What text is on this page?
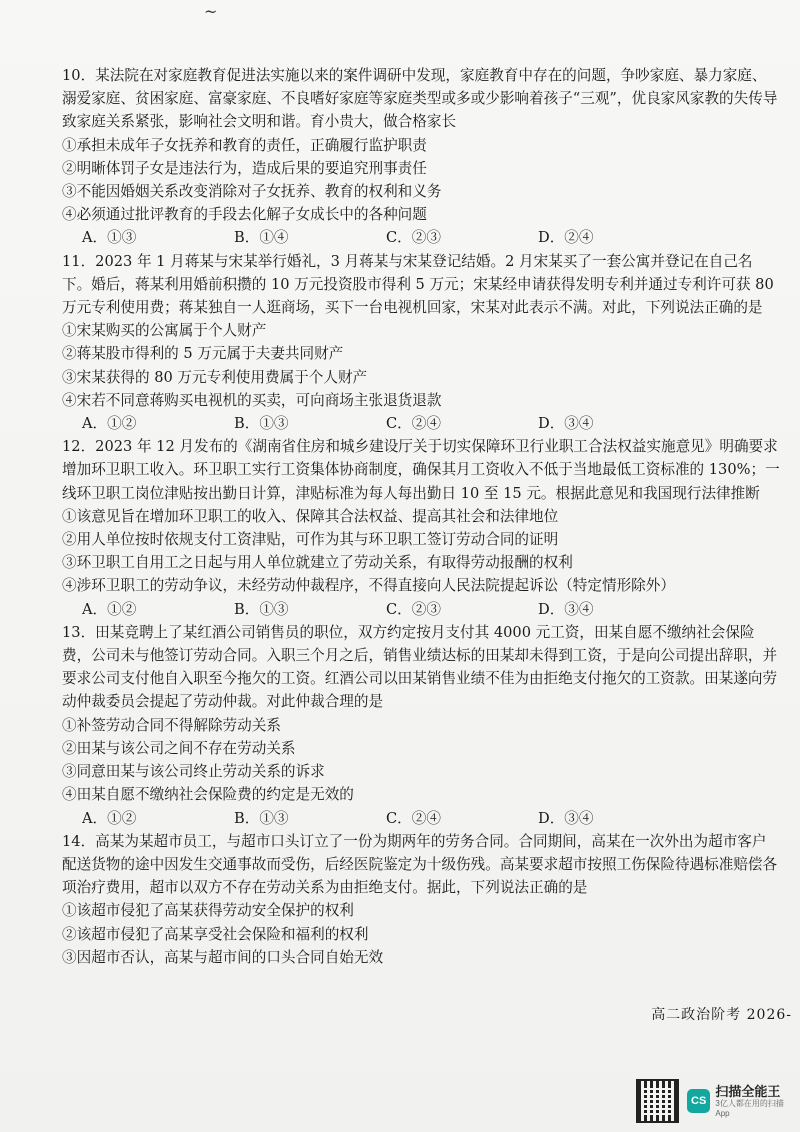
~

10．某法院在对家庭教育促进法实施以来的案件调研中发现，家庭教育中存在的问题，争吵家庭、暴力家庭、溺爱家庭、贫困家庭、富豪家庭、不良嗜好家庭等家庭类型或多或少影响着孩子“三观”，优良家风家教的失传导致家庭关系紧张，影响社会文明和谐。育小贵大，做合格家长

①承担未成年子女抚养和教育的责任，正确履行监护职责

②明晰体罚子女是违法行为，造成后果的要追究刑事责任

③不能因婚姻关系改变消除对子女抚养、教育的权利和义务

④必须通过批评教育的手段去化解子女成长中的各种问题

A．①③	B．①④	C．②③	D．②④

11．2023 年 1 月蒋某与宋某举行婚礼，3 月蒋某与宋某登记结婚。2 月宋某买了一套公寓并登记在自己名下。婚后，蒋某利用婚前积攒的 10 万元投资股市得利 5 万元；宋某经申请获得发明专利并通过专利许可获 80 万元专利使用费；蒋某独自一人逛商场，买下一台电视机回家，宋某对此表示不满。对此，下列说法正确的是

①宋某购买的公寓属于个人财产

②蒋某股市得利的 5 万元属于夫妻共同财产

③宋某获得的 80 万元专利使用费属于个人财产

④宋若不同意蒋购买电视机的买卖，可向商场主张退货退款

A．①②	B．①③	C．②④	D．③④

12．2023 年 12 月发布的《湖南省住房和城乡建设厅关于切实保障环卫行业职工合法权益实施意见》明确要求增加环卫职工收入。环卫职工实行工资集体协商制度，确保其月工资收入不低于当地最低工资标准的 130%；一线环卫职工岗位津贴按出勤日计算，津贴标准为每人每出勤日 10 至 15 元。根据此意见和我国现行法律推断

①该意见旨在增加环卫职工的收入、保障其合法权益、提高其社会和法律地位

②用人单位按时依规支付工资津贴，可作为其与环卫职工签订劳动合同的证明

③环卫职工自用工之日起与用人单位就建立了劳动关系，有取得劳动报酬的权利

④涉环卫职工的劳动争议，未经劳动仲裁程序，不得直接向人民法院提起诉讼（特定情形除外）

A．①②	B．①③	C．②③	D．③④

13．田某竞聘上了某红酒公司销售员的职位，双方约定按月支付其 4000 元工资，田某自愿不缴纳社会保险费，公司未与他签订劳动合同。入职三个月之后，销售业绩达标的田某却未得到工资，于是向公司提出辞职，并要求公司支付他自入职至今拖欠的工资。红酒公司以田某销售业绩不佳为由拒绝支付拖欠的工资款。田某遂向劳动仲裁委员会提起了劳动仲裁。对此仲裁合理的是

①补签劳动合同不得解除劳动关系

②田某与该公司之间不存在劳动关系

③同意田某与该公司终止劳动关系的诉求

④田某自愿不缴纳社会保险费的约定是无效的

A．①②	B．①③	C．②④	D．③④

14．高某为某超市员工，与超市口头订立了一份为期两年的劳务合同。合同期间，高某在一次外出为超市客户配送货物的途中因发生交通事故而受伤，后经医院鉴定为十级伤残。高某要求超市按照工伤保险待遇标准赔偿各项治疗费用，超市以双方不存在劳动关系为由拒绝支付。据此，下列说法正确的是

①该超市侵犯了高某获得劳动安全保护的权利

②该超市侵犯了高某享受社会保险和福利的权利

③因超市否认，高某与超市间的口头合同自始无效

高二政治阶考 2026-
CS
扫描全能王
3亿人都在用的扫描App
